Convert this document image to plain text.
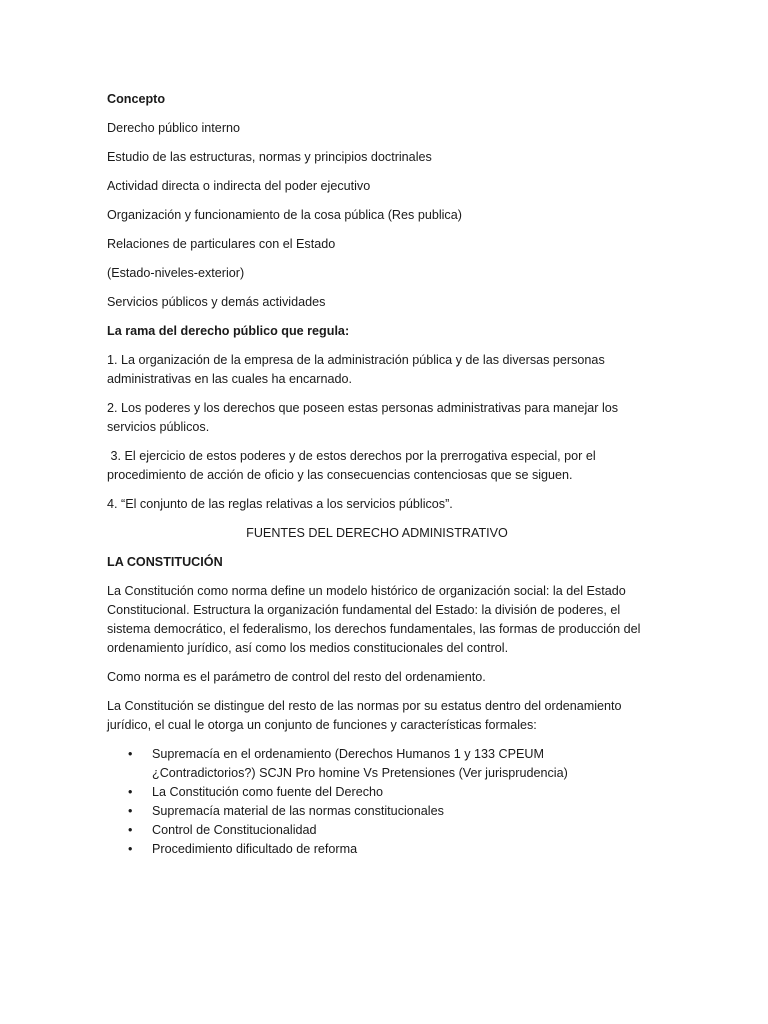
Concepto

Derecho público interno

Estudio de las estructuras, normas y principios doctrinales

Actividad directa o indirecta del poder ejecutivo

Organización y funcionamiento de la cosa pública (Res publica)

Relaciones de particulares con el Estado

(Estado-niveles-exterior)

Servicios públicos y demás actividades

La rama del derecho público que regula:

1. La organización de la empresa de la administración pública y de las diversas personas administrativas en las cuales ha encarnado.

2. Los poderes y los derechos que poseen estas personas administrativas para manejar los servicios públicos.

3. El ejercicio de estos poderes y de estos derechos por la prerrogativa especial, por el procedimiento de acción de oficio y las consecuencias contenciosas que se siguen.

4. “El conjunto de las reglas relativas a los servicios públicos”.

FUENTES DEL DERECHO ADMINISTRATIVO

LA CONSTITUCIÓN

La Constitución como norma define un modelo histórico de organización social: la del Estado Constitucional. Estructura la organización fundamental del Estado: la división de poderes, el sistema democrático, el federalismo, los derechos fundamentales, las formas de producción del ordenamiento jurídico, así como los medios constitucionales del control.

Como norma es el parámetro de control del resto del ordenamiento.

La Constitución se distingue del resto de las normas por su estatus dentro del ordenamiento jurídico, el cual le otorga un conjunto de funciones y características formales:

• Supremacía en el ordenamiento (Derechos Humanos 1 y 133 CPEUM ¿Contradictorios?) SCJN Pro homine Vs Pretensiones (Ver jurisprudencia)
• La Constitución como fuente del Derecho
• Supremacía material de las normas constitucionales
• Control de Constitucionalidad
• Procedimiento dificultado de reforma
